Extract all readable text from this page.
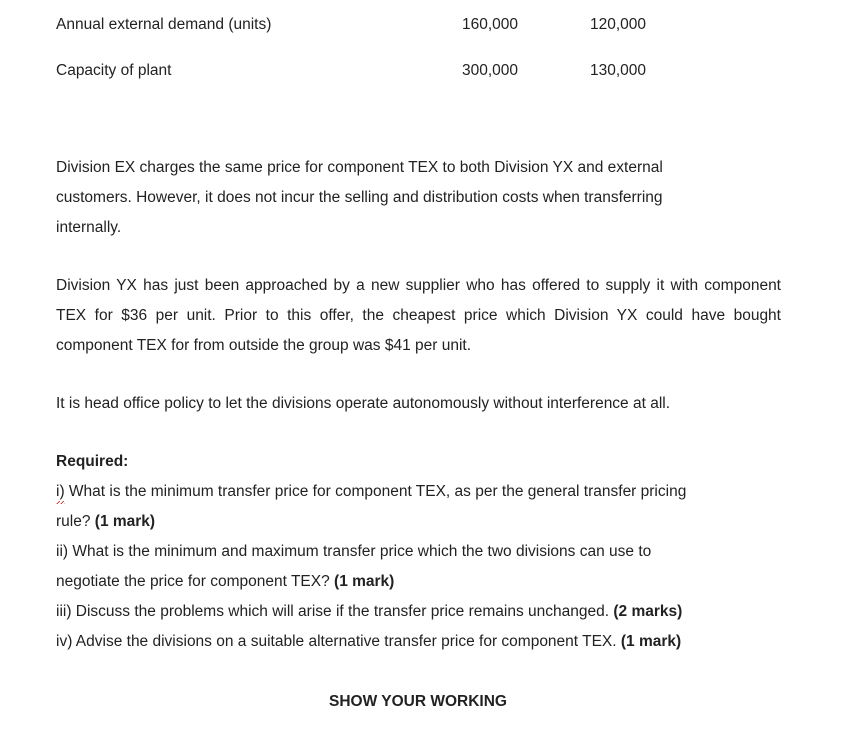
Annual external demand (units)	160,000	120,000
Capacity of plant	300,000	130,000

Division EX charges the same price for component TEX to both Division YX and external customers. However, it does not incur the selling and distribution costs when transferring internally.

Division YX has just been approached by a new supplier who has offered to supply it with component TEX for $36 per unit. Prior to this offer, the cheapest price which Division YX could have bought component TEX for from outside the group was $41 per unit.

It is head office policy to let the divisions operate autonomously without interference at all.

Required:
i) What is the minimum transfer price for component TEX, as per the general transfer pricing
rule? (1 mark)
ii) What is the minimum and maximum transfer price which the two divisions can use to
negotiate the price for component TEX? (1 mark)
iii) Discuss the problems which will arise if the transfer price remains unchanged. (2 marks)
iv) Advise the divisions on a suitable alternative transfer price for component TEX. (1 mark)
SHOW YOUR WORKING
